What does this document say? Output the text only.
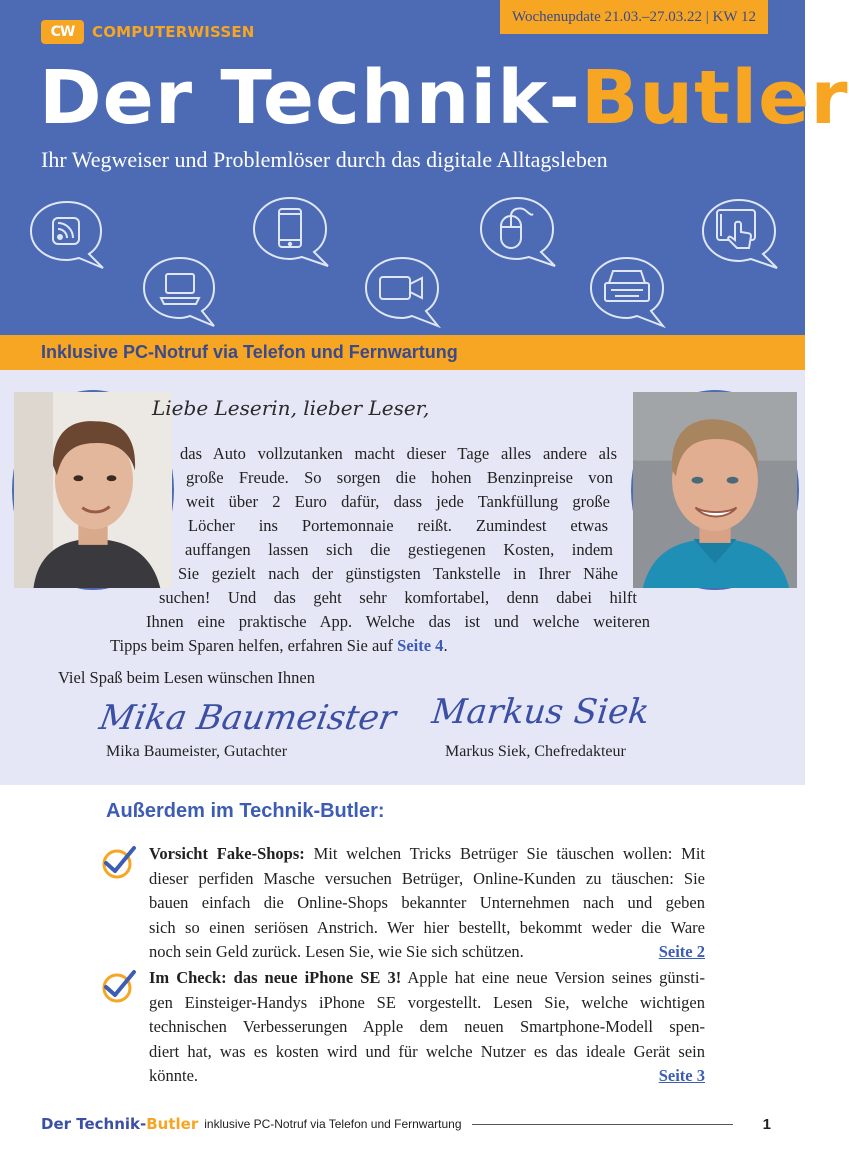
Wochenupdate 21.03.–27.03.22 | KW 12
CW	COMPUTERWISSEN
Der Technik-Butler
Ihr Wegweiser und Problemlöser durch das digitale Alltagsleben
Inklusive PC-Notruf via Telefon und Fernwartung
Liebe Leserin, lieber Leser,
das Auto vollzutanken macht dieser Tage alles andere als
große Freude. So sorgen die hohen Benzinpreise von
weit über 2 Euro dafür, dass jede Tankfüllung große
Löcher ins Portemonnaie reißt. Zumindest etwas
auffangen lassen sich die gestiegenen Kosten, indem
Sie gezielt nach der günstigsten Tankstelle in Ihrer Nähe
suchen! Und das geht sehr komfortabel, denn dabei hilft
Ihnen eine praktische App. Welche das ist und welche weiteren
Tipps beim Sparen helfen, erfahren Sie auf Seite 4.
Viel Spaß beim Lesen wünschen Ihnen
Mika Baumeister Markus Siek
Mika Baumeister, Gutachter	Markus Siek, Chefredakteur
Außerdem im Technik-Butler:
Vorsicht Fake-Shops: Mit welchen Tricks Betrüger Sie täuschen wollen: Mit
dieser perfiden Masche versuchen Betrüger, Online-Kunden zu täuschen: Sie
bauen einfach die Online-Shops bekannter Unternehmen nach und geben
sich so einen seriösen Anstrich. Wer hier bestellt, bekommt weder die Ware
noch sein Geld zurück. Lesen Sie, wie Sie sich schützen.	Seite 2
Im Check: das neue iPhone SE 3! Apple hat eine neue Version seines günsti-
gen Einsteiger-Handys iPhone SE vorgestellt. Lesen Sie, welche wichtigen
technischen Verbesserungen Apple dem neuen Smartphone-Modell spen-
diert hat, was es kosten wird und für welche Nutzer es das ideale Gerät sein
könnte.	Seite 3
Der Technik-Butler inklusive PC-Notruf via Telefon und Fernwartung	1
